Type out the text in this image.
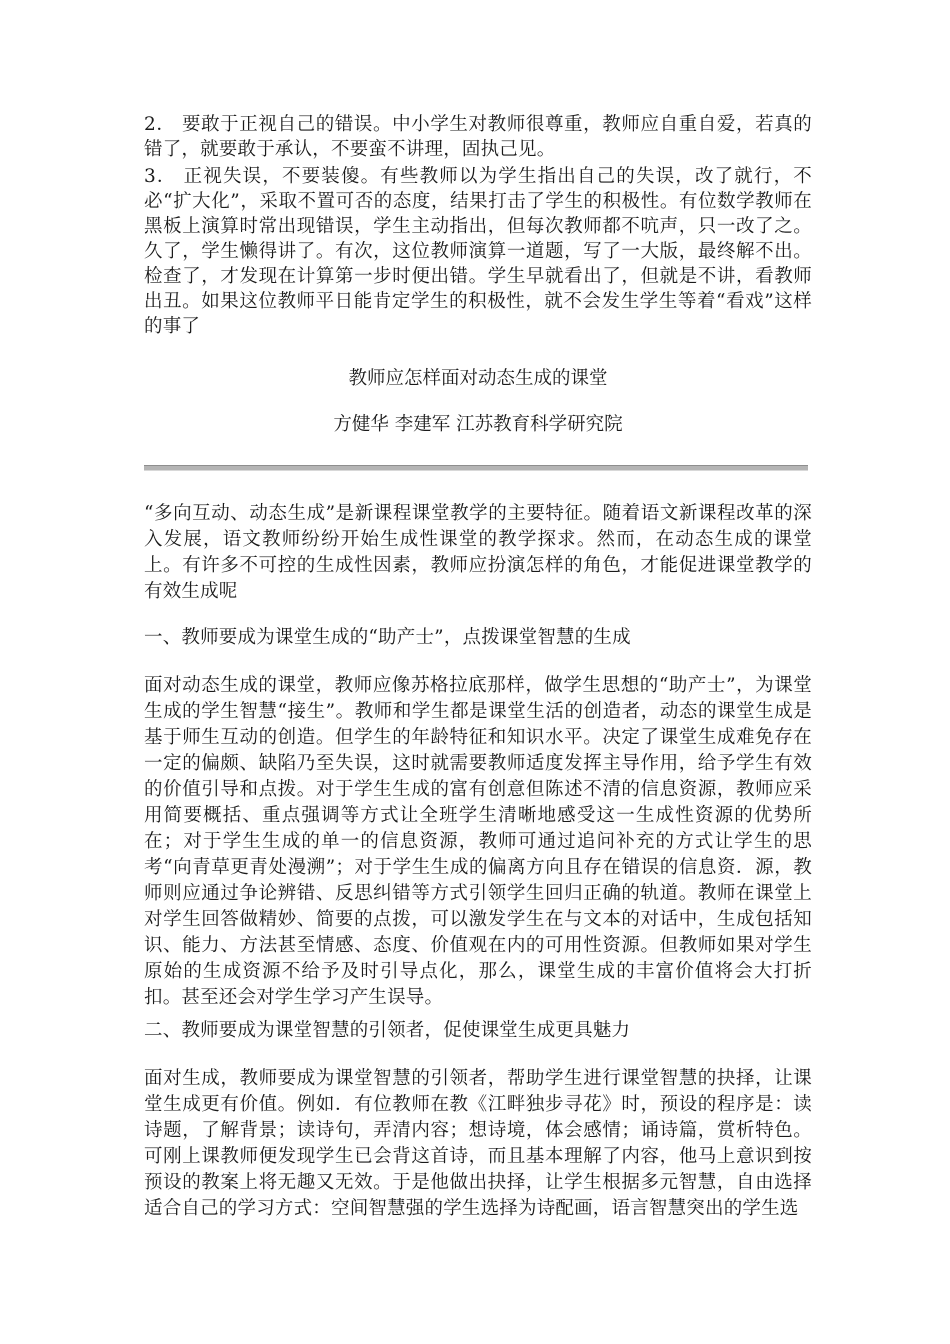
2． 要敢于正视自己的错误。中小学生对教师很尊重，教师应自重自爱，若真的错了，就要敢于承认，不要蛮不讲理，固执己见。

3． 正视失误，不要装傻。有些教师以为学生指出自己的失误，改了就行，不必“扩大化”，采取不置可否的态度，结果打击了学生的积极性。有位数学教师在黑板上演算时常出现错误，学生主动指出，但每次教师都不吭声，只一改了之。久了，学生懒得讲了。有次，这位教师演算一道题，写了一大版，最终解不出。检查了，才发现在计算第一步时便出错。学生早就看出了，但就是不讲，看教师出丑。如果这位教师平日能肯定学生的积极性，就不会发生学生等着“看戏”这样的事了

教师应怎样面对动态生成的课堂

方健华 李建军 江苏教育科学研究院

“多向互动、动态生成”是新课程课堂教学的主要特征。随着语文新课程改革的深入发展，语文教师纷纷开始生成性课堂的教学探求。然而，在动态生成的课堂上。有许多不可控的生成性因素，教师应扮演怎样的角色，才能促进课堂教学的有效生成呢

一、教师要成为课堂生成的“助产士”，点拨课堂智慧的生成

面对动态生成的课堂，教师应像苏格拉底那样，做学生思想的“助产士”，为课堂生成的学生智慧“接生”。教师和学生都是课堂生活的创造者，动态的课堂生成是基于师生互动的创造。但学生的年龄特征和知识水平。决定了课堂生成难免存在一定的偏颇、缺陷乃至失误，这时就需要教师适度发挥主导作用，给予学生有效的价值引导和点拨。对于学生生成的富有创意但陈述不清的信息资源，教师应采用简要概括、重点强调等方式让全班学生清晰地感受这一生成性资源的优势所在；对于学生生成的单一的信息资源，教师可通过追问补充的方式让学生的思考“向青草更青处漫溯”；对于学生生成的偏离方向且存在错误的信息资．源，教师则应通过争论辨错、反思纠错等方式引领学生回归正确的轨道。教师在课堂上对学生回答做精妙、简要的点拨，可以激发学生在与文本的对话中，生成包括知识、能力、方法甚至情感、态度、价值观在内的可用性资源。但教师如果对学生原始的生成资源不给予及时引导点化，那么，课堂生成的丰富价值将会大打折扣。甚至还会对学生学习产生误导。

二、教师要成为课堂智慧的引领者，促使课堂生成更具魅力

面对生成，教师要成为课堂智慧的引领者，帮助学生进行课堂智慧的抉择，让课堂生成更有价值。例如．有位教师在教《江畔独步寻花》时，预设的程序是：读诗题，了解背景；读诗句，弄清内容；想诗境，体会感情；诵诗篇，赏析特色。可刚上课教师便发现学生已会背这首诗，而且基本理解了内容，他马上意识到按预设的教案上将无趣又无效。于是他做出抉择，让学生根据多元智慧，自由选择适合自己的学习方式：空间智慧强的学生选择为诗配画，语言智慧突出的学生选
